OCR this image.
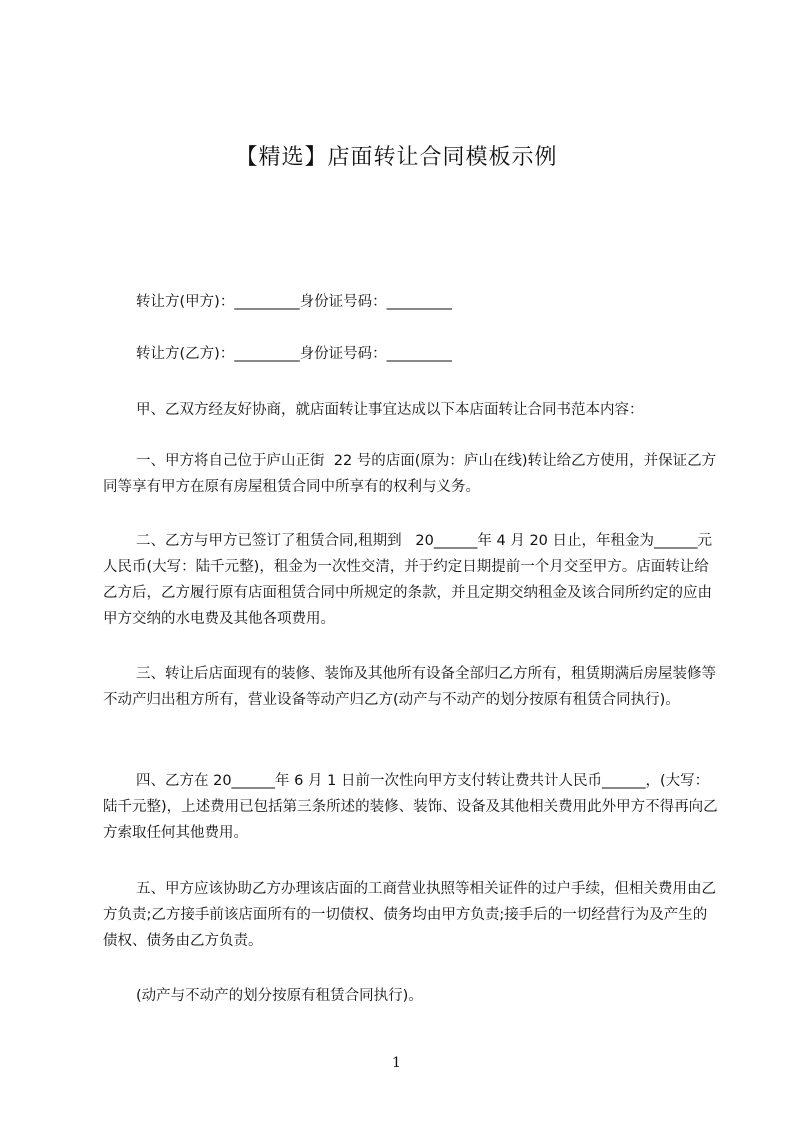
【精选】店面转让合同模板示例
转让方(甲方)：_________身份证号码：_________
转让方(乙方)：_________身份证号码：_________
甲、乙双方经友好协商，就店面转让事宜达成以下本店面转让合同书范本内容：
一、甲方将自己位于庐山正街  22 号的店面(原为：庐山在线)转让给乙方使用，并保证乙方同等享有甲方在原有房屋租赁合同中所享有的权利与义务。
二、乙方与甲方已签订了租赁合同,租期到   20______年 4 月 20 日止，年租金为______元人民币(大写：陆千元整)，租金为一次性交清，并于约定日期提前一个月交至甲方。店面转让给乙方后，乙方履行原有店面租赁合同中所规定的条款，并且定期交纳租金及该合同所约定的应由甲方交纳的水电费及其他各项费用。
三、转让后店面现有的装修、装饰及其他所有设备全部归乙方所有，租赁期满后房屋装修等不动产归出租方所有，营业设备等动产归乙方(动产与不动产的划分按原有租赁合同执行)。
四、乙方在 20______年 6 月 1 日前一次性向甲方支付转让费共计人民币______，(大写：陆千元整)，上述费用已包括第三条所述的装修、装饰、设备及其他相关费用此外甲方不得再向乙方索取任何其他费用。
五、甲方应该协助乙方办理该店面的工商营业执照等相关证件的过户手续，但相关费用由乙方负责;乙方接手前该店面所有的一切债权、债务均由甲方负责;接手后的一切经营行为及产生的债权、债务由乙方负责。
(动产与不动产的划分按原有租赁合同执行)。
1
